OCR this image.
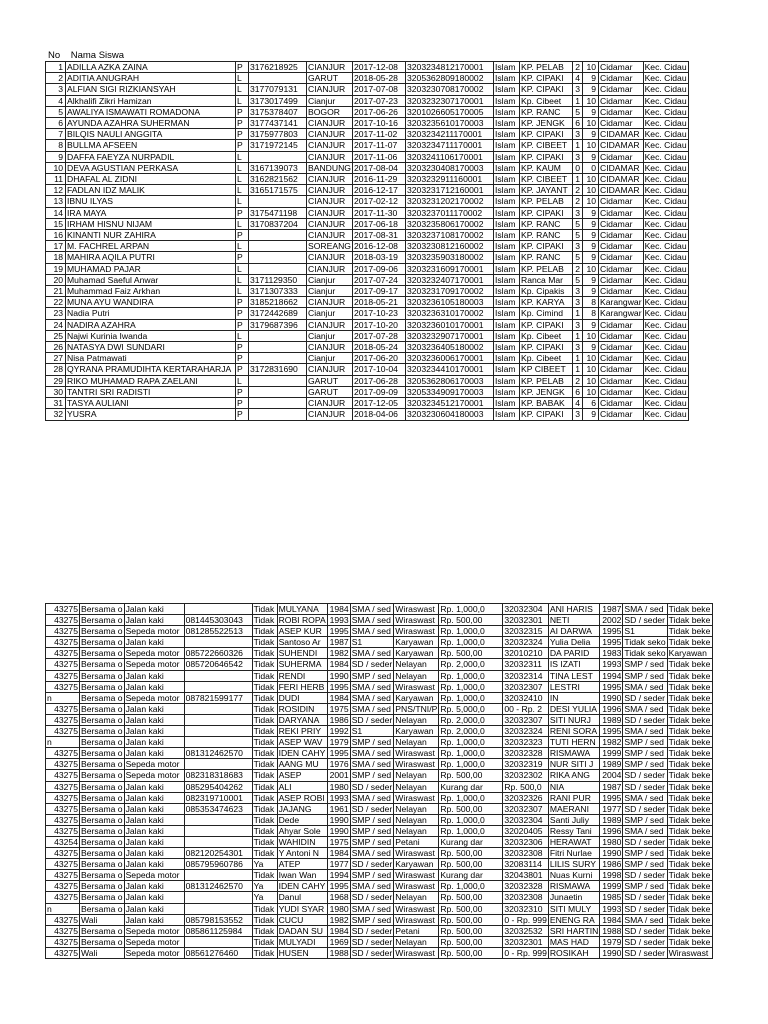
No Nama Siswa
1	ADILLA AZKA ZAINA	P	3176218925	CIANJUR	2017-12-08	3203234812170001	Islam	KP. PELAB	2	10	Cidamar	Kec. Cidau
2	ADITIA ANUGRAH	L		GARUT	2018-05-28	3205362809180002	Islam	KP. CIPAKI	4	9	Cidamar	Kec. Cidau
3	ALFIAN SIGI RIZKIANSYAH	L	3177079131	CIANJUR	2017-07-08	3203230708170002	Islam	KP. CIPAKI	3	9	Cidamar	Kec. Cidau
4	Alkhalifi Zikri Hamizan	L	3173017499	Cianjur	2017-07-23	3203232307170001	Islam	Kp. Cibeet	1	10	Cidamar	Kec. Cidau
5	AWALIYA ISMAWATI ROMADONA	P	3175378407	BOGOR	2017-06-26	3201026605170005	Islam	KP. RANC	5	9	Cidamar	Kec. Cidau
6	AYUNDA AZAHRA SUHERMAN	P	3177437141	CIANJUR	2017-10-16	3203235610170003	Islam	KP. JENGK	6	10	Cidamar	Kec. Cidau
7	BILQIS NAULI ANGGITA	P	3175977803	CIANJUR	2017-11-02	3203234211170001	Islam	KP. CIPAKI	3	9	CIDAMAR	Kec. Cidau
8	BULLMA AFSEEN	P	3171972145	CIANJUR	2017-11-07	3203234711170001	Islam	KP. CIBEET	1	10	CIDAMAR	Kec. Cidau
9	DAFFA FAEYZA NURPADIL	L		CIANJUR	2017-11-06	3203241106170001	Islam	KP. CIPAKI	3	9	Cidamar	Kec. Cidau
10	DEVA AGUSTIAN PERKASA	L	3167139073	BANDUNG	2017-08-04	3203230408170003	Islam	KP. KAUM	0	0	CIDAMAR	Kec. Cidau
11	DHAFAL AL ZIDNI	L	3162821562	CIANJUR	2016-11-29	3203232911160001	Islam	KP. CIBEET	1	10	CIDAMAR	Kec. Cidau
12	FADLAN IDZ MALIK	L	3165171575	CIANJUR	2016-12-17	3203231712160001	Islam	KP. JAYANT	2	10	CIDAMAR	Kec. Cidau
13	IBNU ILYAS	L		CIANJUR	2017-02-12	3203231202170002	Islam	KP. PELAB	2	10	Cidamar	Kec. Cidau
14	IRA MAYA	P	3175471198	CIANJUR	2017-11-30	3203237011170002	Islam	KP. CIPAKI	3	9	Cidamar	Kec. Cidau
15	IRHAM HISNU NIJAM	L	3170837204	CIANJUR	2017-06-18	3203235806170002	Islam	KP. RANC	5	9	Cidamar	Kec. Cidau
16	KINANTI NUR ZAHIRA	P		CIANJUR	2017-08-31	3203237108170002	Islam	KP. RANC	5	9	Cidamar	Kec. Cidau
17	M. FACHREL ARPAN	L		SOREANG	2016-12-08	3203230812160002	Islam	KP. CIPAKI	3	9	Cidamar	Kec. Cidau
18	MAHIRA AQILA PUTRI	P		CIANJUR	2018-03-19	3203235903180002	Islam	KP. RANC	5	9	Cidamar	Kec. Cidau
19	MUHAMAD PAJAR	L		CIANJUR	2017-09-06	3203231609170001	Islam	KP. PELAB	2	10	Cidamar	Kec. Cidau
20	Muhamad Saeful Anwar	L	3171129350	Cianjur	2017-07-24	3203232407170001	Islam	Ranca Mar	5	9	Cidamar	Kec. Cidau
21	Muhammad Faiz Arkhan	L	3171307333	Cianjur	2017-09-17	3203231709170002	Islam	Kp. Cipakis	3	9	Cidamar	Kec. Cidau
22	MUNA AYU WANDIRA	P	3185218662	CIANJUR	2018-05-21	3203236105180003	Islam	KP. KARYA	3	8	Karangwar	Kec. Cidau
23	Nadia Putri	P	3172442689	Cianjur	2017-10-23	3203236310170002	Islam	Kp. Cimind	1	8	Karangwar	Kec. Cidau
24	NADIRA AZAHRA	P	3179687396	CIANJUR	2017-10-20	3203236010170001	Islam	KP. CIPAKI	3	9	Cidamar	Kec. Cidau
25	Najwi Kurinia Iwanda	L		Cianjur	2017-07-28	3203232907170001	Islam	Kp. Cibeet	1	10	Cidamar	Kec. Cidau
26	NATASYA DWI SUNDARI	P		CIANJUR	2018-05-24	3203236405180002	Islam	KP. CIPAKI	3	9	Cidamar	Kec. Cidau
27	Nisa Patmawati	P		Cianjur	2017-06-20	3203236006170001	Islam	Kp. Cibeet	1	10	Cidamar	Kec. Cidau
28	QYRANA PRAMUDIHTA KERTARAHARJA	P	3172831690	CIANJUR	2017-10-04	3203234410170001	Islam	KP CIBEET	1	10	Cidamar	Kec. Cidau
29	RIKO MUHAMAD RAPA ZAELANI	L		GARUT	2017-06-28	3205362806170003	Islam	KP. PELAB	2	10	Cidamar	Kec. Cidau
30	TANTRI SRI RADISTI	P		GARUT	2017-09-09	3205334909170003	Islam	KP. JENGK	6	10	Cidamar	Kec. Cidau
31	TASYA AULIANI	P		CIANJUR	2017-12-05	3203234512170001	Islam	KP. BABAK	4	6	Cidamar	Kec. Cidau
32	YUSRA	P		CIANJUR	2018-04-06	3203230604180003	Islam	KP. CIPAKI	3	9	Cidamar	Kec. Cidau
43275	Bersama o	Jalan kaki		Tidak	MULYANA	1984	SMA / sed	Wiraswast	Rp. 1,000,0	32032304	ANI HARIS	1987	SMA / sed	Tidak beke
43275	Bersama o	Jalan kaki	081445303043	Tidak	ROBI ROPA	1993	SMA / sed	Wiraswast	Rp. 500,00	32032301	NETI	2002	SD / seder	Tidak beke
43275	Bersama o	Sepeda motor	081285522513	Tidak	ASEP KUR	1995	SMA / sed	Wiraswast	Rp. 1,000,0	32032315	AI DARWA	1995	S1	Tidak beke
43275	Bersama o	Jalan kaki		Tidak	Santoso Ar	1987	S1	Karyawan	Rp. 1,000,0	32032324	Yulia Delia	1995	Tidak seko	Tidak beke
43275	Bersama o	Sepeda motor	085722660326	Tidak	SUHENDI	1982	SMA / sed	Karyawan	Rp. 500,00	32010210	DA PARID	1983	Tidak seko	Karyawan
43275	Bersama o	Sepeda motor	085720646542	Tidak	SUHERMA	1984	SD / seder	Nelayan	Rp. 2,000,0	32032311	IS IZATI	1993	SMP / sed	Tidak beke
43275	Bersama o	Jalan kaki		Tidak	RENDI	1990	SMP / sed	Nelayan	Rp. 1,000,0	32032314	TINA LEST	1994	SMP / sed	Tidak beke
43275	Bersama o	Jalan kaki		Tidak	FERI HERB	1995	SMA / sed	Wiraswast	Rp. 1,000,0	32032307	LESTRI	1995	SMA / sed	Tidak beke
n	Bersama o	Sepeda motor	087821599177	Tidak	DUDI	1984	SMA / sed	Karyawan	Rp. 1,000,0	32032410	IN	1990	SD / seder	Tidak beke
43275	Bersama o	Jalan kaki		Tidak	ROSIDIN	1975	SMA / sed	PNS/TNI/P	Rp. 5,000,0	00 - Rp. 2	DESI YULIA	1996	SMA / sed	Tidak beke
43275	Bersama o	Jalan kaki		Tidak	DARYANA	1986	SD / seder	Nelayan	Rp. 2,000,0	32032307	SITI NURJ	1989	SD / seder	Tidak beke
43275	Bersama o	Jalan kaki		Tidak	REKI PRIY	1992	S1	Karyawan	Rp. 2,000,0	32032324	RENI SORA	1995	SMA / sed	Tidak beke
n	Bersama o	Jalan kaki		Tidak	ASEP WAV	1979	SMP / sed	Nelayan	Rp. 1,000,0	32032323	TUTI HERN	1982	SMP / sed	Tidak beke
43275	Bersama o	Jalan kaki	081312462570	Tidak	IDEN CAHY	1995	SMA / sed	Wiraswast	Rp. 1,000,0	32032328	RISMAWA	1999	SMP / sed	Tidak beke
43275	Bersama o	Sepeda motor		Tidak	AANG MU	1976	SMA / sed	Wiraswast	Rp. 1,000,0	32032319	NUR SITI J	1989	SMP / sed	Tidak beke
43275	Bersama o	Sepeda motor	082318318683	Tidak	ASEP	2001	SMP / sed	Nelayan	Rp. 500,00	32032302	RIKA ANG	2004	SD / seder	Tidak beke
43275	Bersama o	Jalan kaki	085295404262	Tidak	ALI	1980	SD / seder	Nelayan	Kurang dar	Rp. 500,0	NIA	1987	SD / seder	Tidak beke
43275	Bersama o	Jalan kaki	082319710001	Tidak	ASEP ROBI	1993	SMA / sed	Wiraswast	Rp. 1,000,0	32032326	RANI PUR	1995	SMA / sed	Tidak beke
43275	Bersama o	Jalan kaki	085353474623	Tidak	JAJANG	1961	SD / seder	Nelayan	Rp. 500,00	32032307	MAERANI	1977	SD / seder	Tidak beke
43275	Bersama o	Jalan kaki		Tidak	Dede	1990	SMP / sed	Nelayan	Rp. 1,000,0	32032304	Santi Juliy	1989	SMP / sed	Tidak beke
43275	Bersama o	Jalan kaki		Tidak	Ahyar Sole	1990	SMP / sed	Nelayan	Rp. 1,000,0	32020405	Ressy Tani	1996	SMA / sed	Tidak beke
43254	Bersama o	Jalan kaki		Tidak	WAHIDIN	1975	SMP / sed	Petani	Kurang dar	32032306	HERAWAT	1980	SD / seder	Tidak beke
43275	Bersama o	Jalan kaki	082120254301	Tidak	Y Antoni N	1984	SMA / sed	Wiraswast	Rp. 500,00	32032308	Fitri Nurlae	1990	SMP / sed	Tidak beke
43275	Bersama o	Jalan kaki	085795960786	Ya	ATEP	1977	SD / seder	Karyawan	Rp. 500,00	32083114	LILIS SURY	1986	SMP / sed	Tidak beke
43275	Bersama o	Sepeda motor		Tidak	Iwan Wan	1994	SMP / sed	Wiraswast	Kurang dar	32043801	Nuas Kurni	1998	SD / seder	Tidak beke
43275	Bersama o	Jalan kaki	081312462570	Ya	IDEN CAHY	1995	SMA / sed	Wiraswast	Rp. 1,000,0	32032328	RISMAWA	1999	SMP / sed	Tidak beke
43275	Bersama o	Jalan kaki		Ya	Danul	1968	SD / seder	Nelayan	Rp. 500,00	32032308	Junaetin	1985	SD / seder	Tidak beke
n	Bersama o	Jalan kaki		Tidak	YUDI SYAR	1980	SMA / sed	Wiraswast	Rp. 500,00	32032310	SITI MULY	1993	SD / seder	Tidak beke
43275	Wali	Jalan kaki	085798153552	Tidak	CUCU	1982	SMP / sed	Wiraswast	Rp. 500,00	0 - Rp. 999	ENENG RA	1984	SMA / sed	Tidak beke
43275	Bersama o	Sepeda motor	085861125984	Tidak	DADAN SU	1984	SD / seder	Petani	Rp. 500,00	32032532	SRI HARTIN	1988	SD / seder	Tidak beke
43275	Bersama o	Sepeda motor		Tidak	MULYADI	1969	SD / seder	Nelayan	Rp. 500,00	32032301	MAS HAD	1979	SD / seder	Tidak beke
43275	Wali	Sepeda motor	08561276460	Tidak	HUSEN	1988	SD / seder	Wiraswast	Rp. 500,00	0 - Rp. 999	ROSIKAH	1990	SD / seder	Wiraswast
